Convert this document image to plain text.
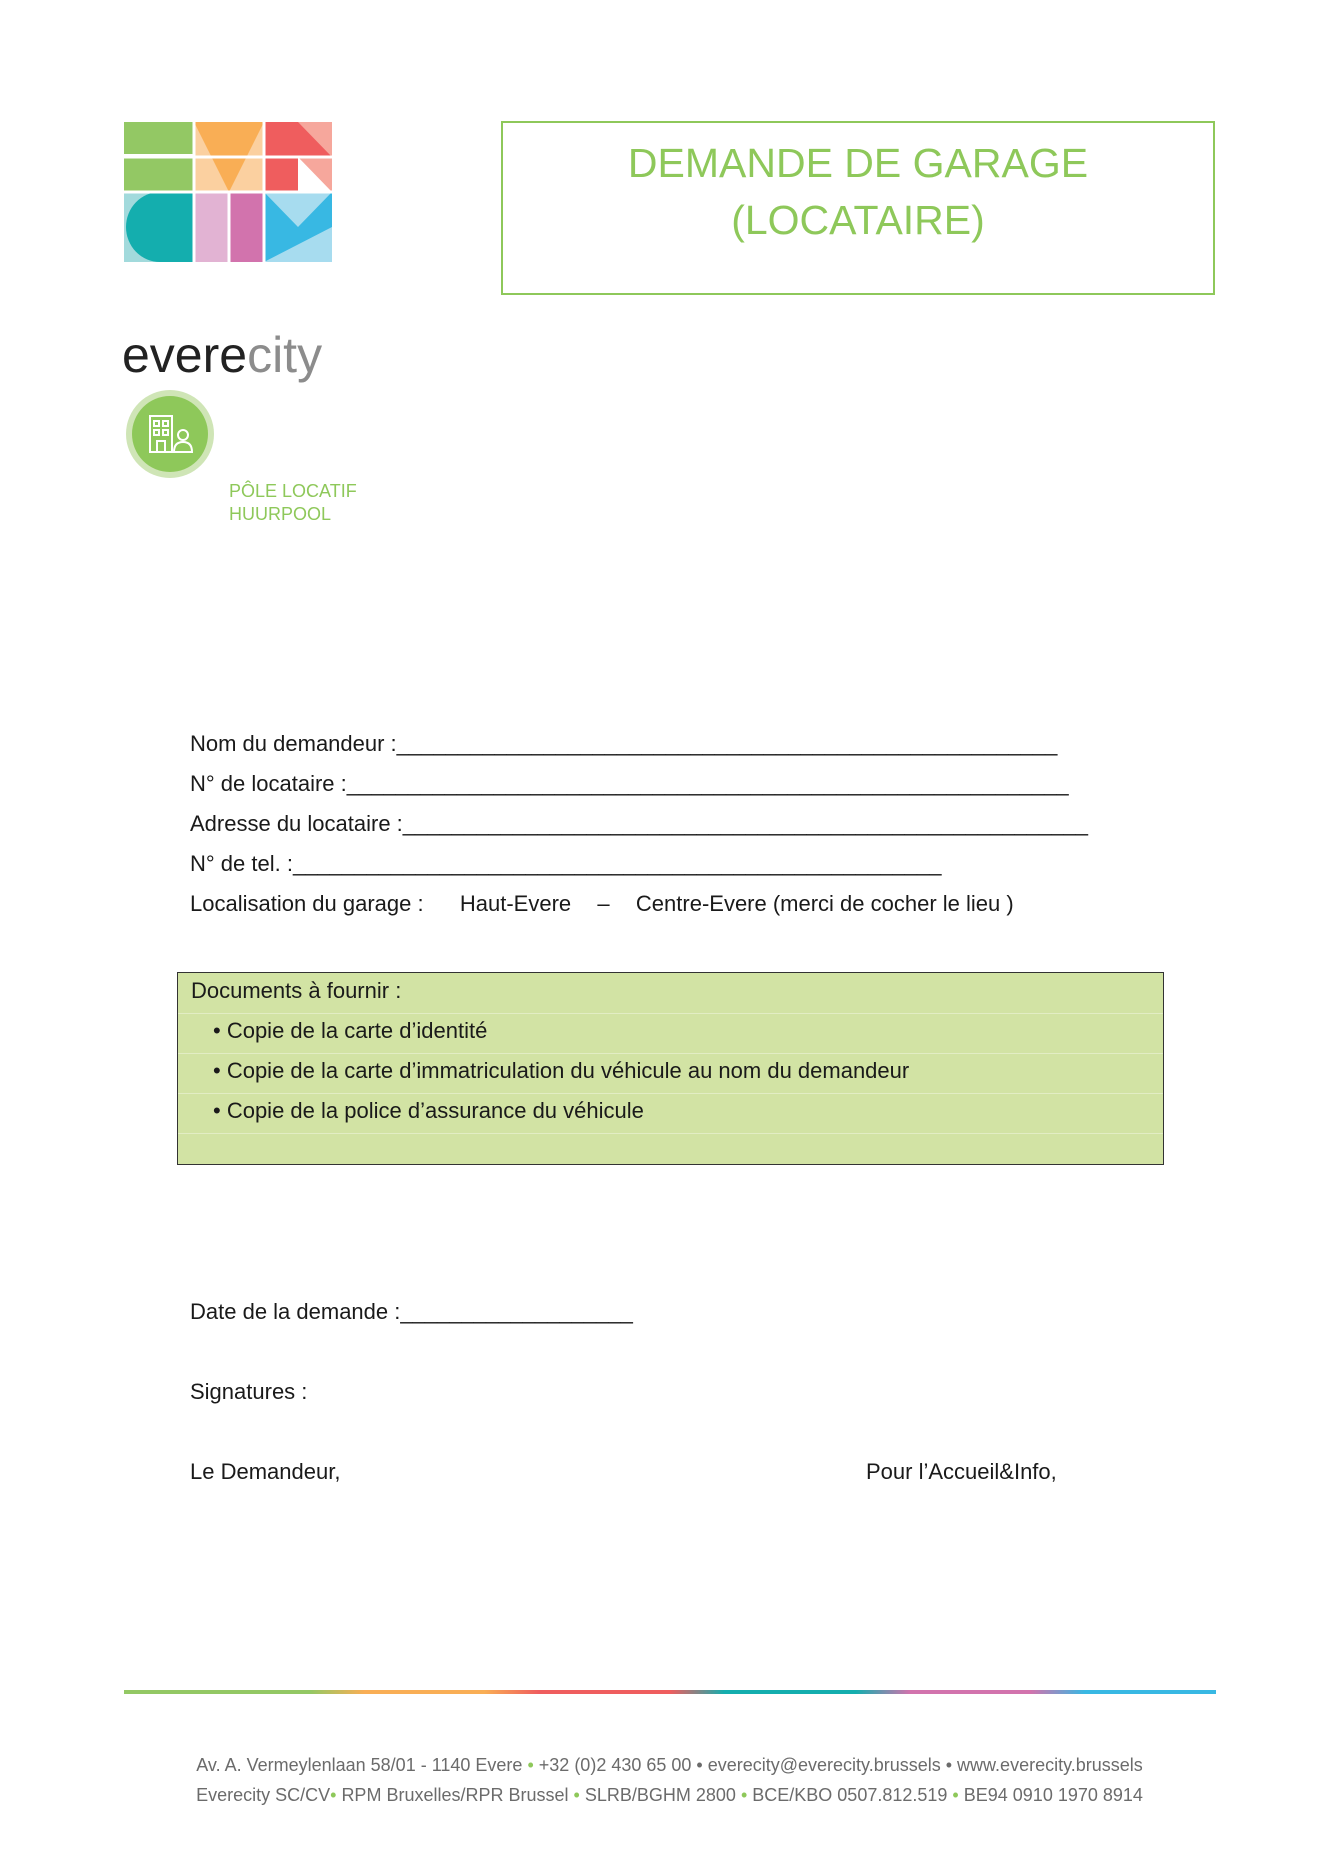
everecity
PÔLE LOCATIF
HUURPOOL
DEMANDE DE GARAGE
(LOCATAIRE)
Nom du demandeur :______________________________________________________
N° de locataire :___________________________________________________________
Adresse du locataire :________________________________________________________
N° de tel. :_____________________________________________________
Localisation du garage : Haut-Evere – Centre-Evere (merci de cocher le lieu )
Documents à fournir :
• Copie de la carte d’identité
• Copie de la carte d’immatriculation du véhicule au nom du demandeur
• Copie de la police d’assurance du véhicule
Date de la demande :___________________
Signatures :
Le Demandeur,	Pour l’Accueil&Info,
Av. A. Vermeylenlaan 58/01 - 1140 Evere • +32 (0)2 430 65 00 • everecity@everecity.brussels • www.everecity.brussels
Everecity SC/CV• RPM Bruxelles/RPR Brussel • SLRB/BGHM 2800 • BCE/KBO 0507.812.519 • BE94 0910 1970 8914
